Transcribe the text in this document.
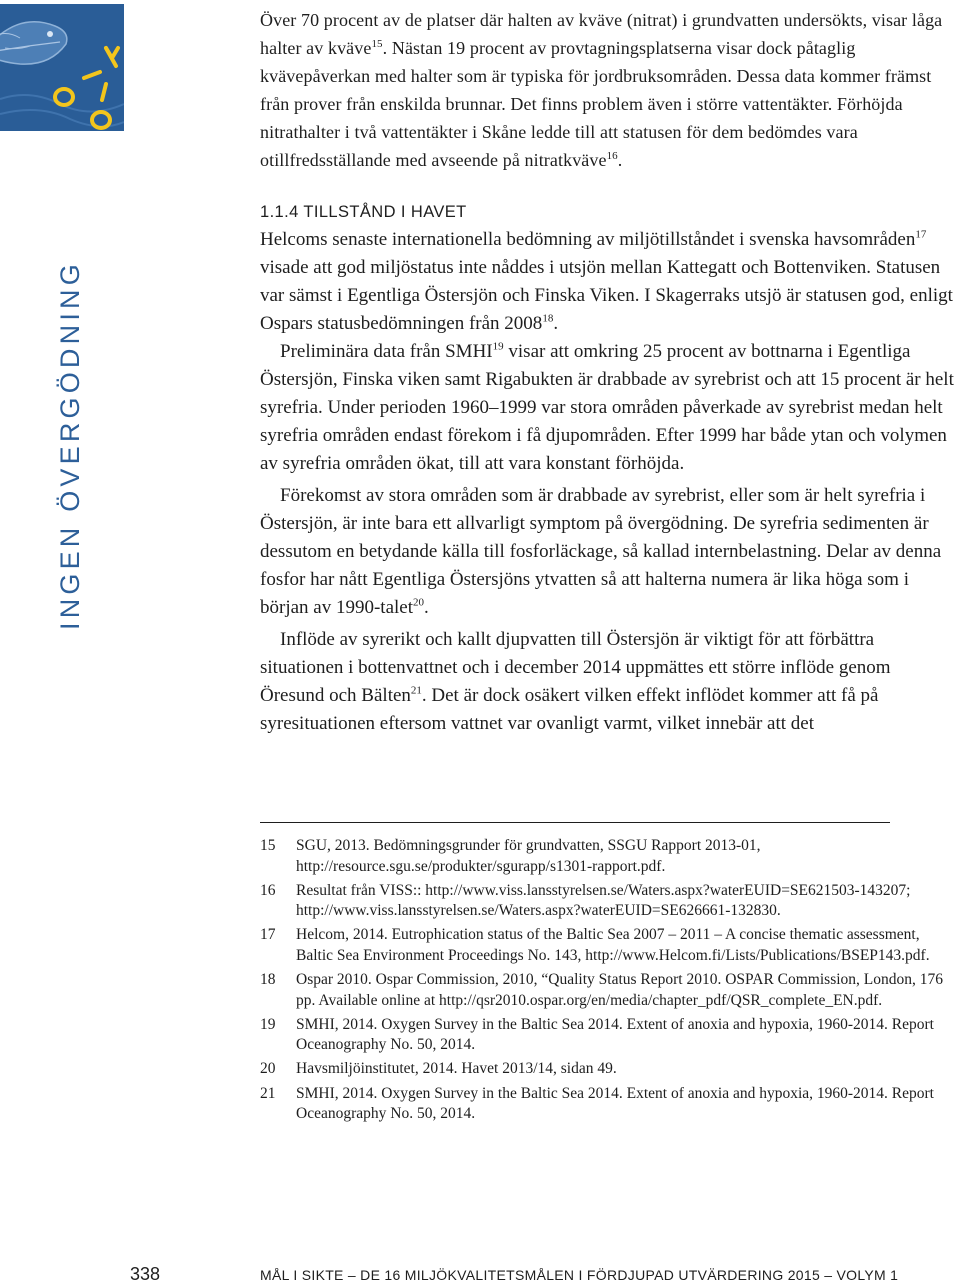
INGEN ÖVERGÖDNING

Över 70 procent av de platser där halten av kväve (nitrat) i grundvatten undersökts, visar låga halter av kväve$^{15}$. Nästan 19 procent av provtagningsplatserna visar dock påtaglig kvävepåverkan med halter som är typiska för jordbruksområden. Dessa data kommer främst från prover från enskilda brunnar. Det finns problem även i större vattentäkter. Förhöjda nitrathalter i två vattentäkter i Skåne ledde till att statusen för dem bedömdes vara otillfredsställande med avseende på nitratkväve$^{16}$.

1.1.4 TILLSTÅND I HAVET

Helcoms senaste internationella bedömning av miljötillståndet i svenska havsområden$^{17}$ visade att god miljöstatus inte nåddes i utsjön mellan Kattegatt och Bottenviken. Statusen var sämst i Egentliga Östersjön och Finska Viken. I Skagerraks utsjö är statusen god, enligt Ospars statusbedömningen från 2008$^{18}$.

Preliminära data från SMHI$^{19}$ visar att omkring 25 procent av bottnarna i Egentliga Östersjön, Finska viken samt Rigabukten är drabbade av syrebrist och att 15 procent är helt syrefria. Under perioden 1960–1999 var stora områden påverkade av syrebrist medan helt syrefria områden endast förekom i få djupområden. Efter 1999 har både ytan och volymen av syrefria områden ökat, till att vara konstant förhöjda.

Förekomst av stora områden som är drabbade av syrebrist, eller som är helt syrefria i Östersjön, är inte bara ett allvarligt symptom på övergödning. De syrefria sedimenten är dessutom en betydande källa till fosforläckage, så kallad internbelastning. Delar av denna fosfor har nått Egentliga Östersjöns ytvatten så att halterna numera är lika höga som i början av 1990-talet$^{20}$.

Inflöde av syrerikt och kallt djupvatten till Östersjön är viktigt för att förbättra situationen i bottenvattnet och i december 2014 uppmättes ett större inflöde genom Öresund och Bälten$^{21}$. Det är dock osäkert vilken effekt inflödet kommer att få på syresituationen eftersom vattnet var ovanligt varmt, vilket innebär att det

15	SGU, 2013. Bedömningsgrunder för grundvatten, SSGU Rapport 2013-01, http://resource.sgu.se/produkter/sgurapp/s1301-rapport.pdf.
16	Resultat från VISS:: http://www.viss.lansstyrelsen.se/Waters.aspx?waterEUID=SE621503-143207; http://www.viss.lansstyrelsen.se/Waters.aspx?waterEUID=SE626661-132830.
17	Helcom, 2014. Eutrophication status of the Baltic Sea 2007 – 2011 – A concise thematic assessment, Baltic Sea Environment Proceedings No. 143, http://www.Helcom.fi/Lists/Publications/BSEP143.pdf.
18	Ospar 2010. Ospar Commission, 2010, “Quality Status Report 2010. OSPAR Commission, London, 176 pp. Available online at http://qsr2010.ospar.org/en/media/chapter_pdf/QSR_complete_EN.pdf.
19	SMHI, 2014. Oxygen Survey in the Baltic Sea 2014. Extent of anoxia and hypoxia, 1960-2014. Report Oceanography No. 50, 2014.
20	Havsmiljöinstitutet, 2014. Havet 2013/14, sidan 49.
21	SMHI, 2014. Oxygen Survey in the Baltic Sea 2014. Extent of anoxia and hypoxia, 1960-2014. Report Oceanography No. 50, 2014.
338	MÅL I SIKTE – DE 16 MILJÖKVALITETSMÅLEN I FÖRDJUPAD UTVÄRDERING 2015 – VOLYM 1
